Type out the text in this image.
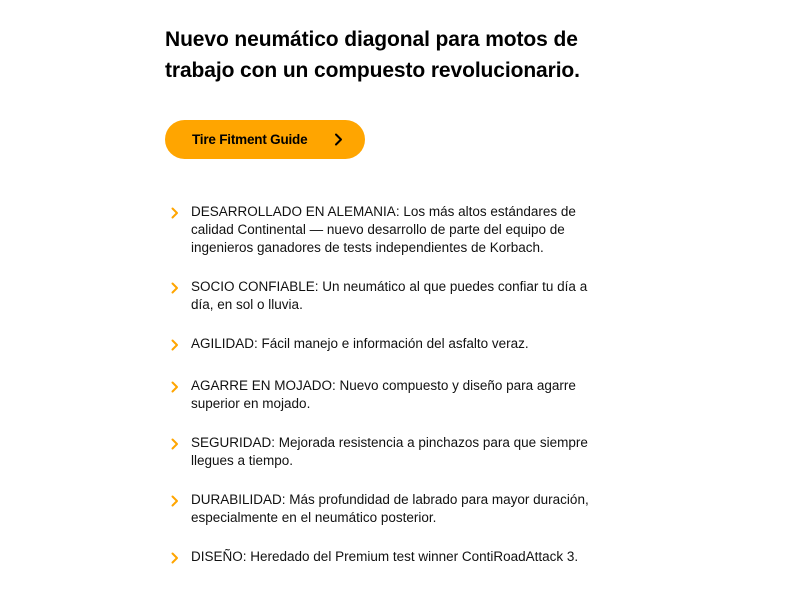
Nuevo neumático diagonal para motos de trabajo con un compuesto revolucionario.
Tire Fitment Guide
DESARROLLADO EN ALEMANIA: Los más altos estándares de calidad Continental — nuevo desarrollo de parte del equipo de ingenieros ganadores de tests independientes de Korbach.
SOCIO CONFIABLE: Un neumático al que puedes confiar tu día a día, en sol o lluvia.
AGILIDAD: Fácil manejo e información del asfalto veraz.
AGARRE EN MOJADO: Nuevo compuesto y diseño para agarre superior en mojado.
SEGURIDAD: Mejorada resistencia a pinchazos para que siempre llegues a tiempo.
DURABILIDAD: Más profundidad de labrado para mayor duración, especialmente en el neumático posterior.
DISEÑO: Heredado del Premium test winner ContiRoadAttack 3.
